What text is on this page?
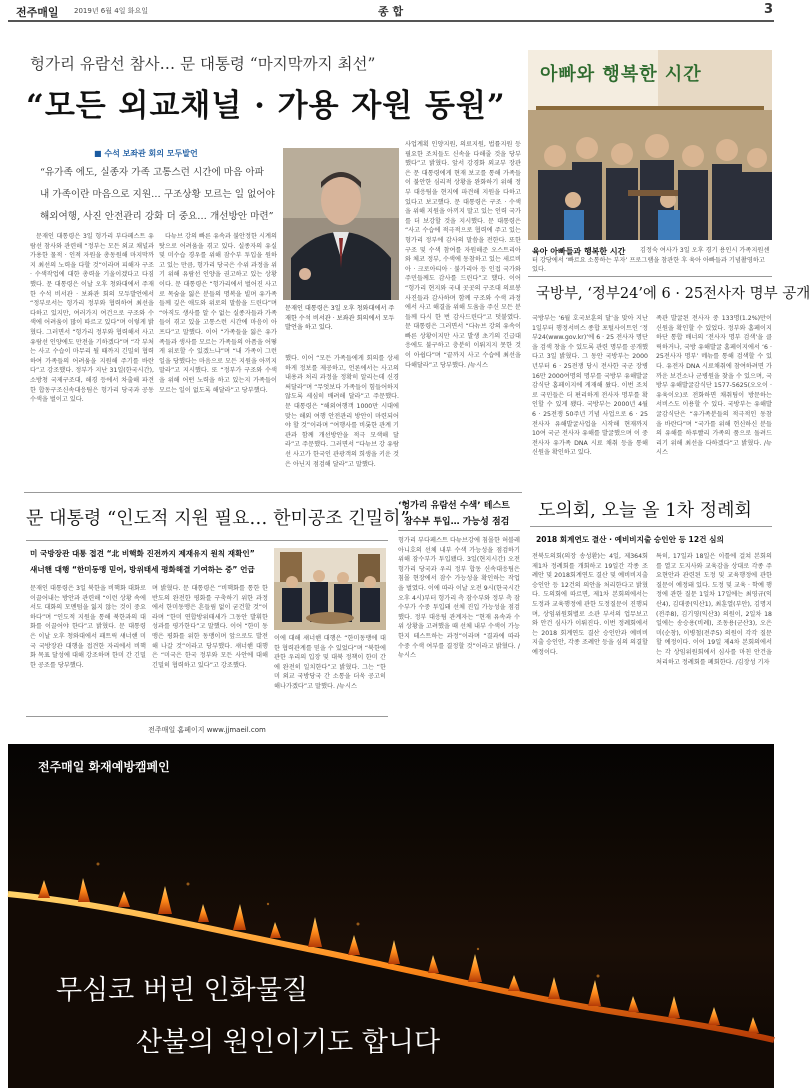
전주매일 2019년 6월 4일 화요일	종 합	3
헝가리 유람선 참사… 문 대통령 “마지막까지 최선”
“모든 외교채널 · 가용 자원 동원”
■ 수석 보좌관 회의 모두발언
“유가족 에도, 실종자 가족 고통스런 시간에 마음 아파
내 가족이란 마음으로 지원… 구조상황 모르는 일 없어야
해외여행, 사진 안전관리 강화 더 중요… 개선방안 마련”
문재인 대통령은 3일 오후 청와대에서 주재한 수석 비서관 · 보좌관 회의에서 모두발언을 하고 있다.
문재인 대통령은 3일 헝가리 부다페스트 유람선 참사와 관련해 “정부는 모든 외교 채널과 가용한 물적 · 인적 자원을 총동원해 마지막까지 최선의 노력을 다할 것”이라며 피해자 구조 · 수색작업에 대한 총력을 기울이겠다고 다짐했다. 문 대통령은 이날 오후 청와대에서 주재한 수석 비서관 · 보좌관 회의 모두발언에서 “정부로서는 헝가리 정부와 협력하여 최선을 다하고 있지만, 여러가지 여건으로 구조와 수색에 어려움이 많이 따르고 있다”며 이렇게 밝혔다. 그러면서 “헝가리 정부와 협력해서 사고 유람선 인양에도 만전을 기하겠다”며 “각 부처는 사고 수습이 마무리 될 때까지 긴밀히 협력하여 가족들의 어려움을 지원해 주기를 바란다”고 강조했다. 정부가 지난 31일(한국시간), 소방청 국제구조대, 해경 등에서 차출해 파견한 합동구조신속대응팀은 헝가리 당국과 공동수색을 벌이고 있다.
다뉴브 강의 빠른 유속과 불안정한 시계의 탓으로 어려움을 겪고 있다. 실종자의 유실 및 미수습 경우를 위해 잠수부 투입을 원하고 있는 만큼, 헝가리 당국은 수위 과정을 위기 위해 유람선 인양을 권고하고 있는 상황이다. 문 대통령은 “헝가리에서 벌어진 사고로 목숨을 잃은 분들의 명복을 빌며 유가족들께 깊은 애도와 위로의 말씀을 드린다”며 “아직도 생사를 알 수 없는 실종자들과 가족들이 겪고 있을 고통스런 시간에 마음이 아프다”고 말했다. 이어 “가족들을 잃은 유가족들과 생사를 모르는 가족들의 아픔을 어떻게 위로할 수 있겠느냐”며 “내 가족이 그런 일을 당했다는 마음으로 모든 지원을 아끼지 말라”고 지시했다. 또 “정부가 구조와 수색을 위해 어떤 노력을 하고 있는지 가족들이 모르는 일이 없도록 해달라”고 당부했다.
했다. 이어 “모든 가족들에게 회의를 상세하게 정보를 제공하고, 언론에서는 사고의 내용과 처리 과정을 정확히 알리는데 신경써달라”며 “무엇보다 가족들이 힘들어하지 않도록 세심히 배려해 달라”고 주문했다. 문 대통령은 “해외여행객 1000만 시대에 맞는 해외 여행 안전관리 방안이 마련되어야 할 것”이라며 “여행사를 비롯한 관계 기관과 함께 개선방안을 적극 모색해 달라”고 주문했다. 그러면서 “다뉴브 강 유람선 사고가 한국인 관광객의 희생을 키운 것은 아닌지 점검해 달라”고 말했다.
사업계획 인양지원, 의료지원, 법률지원 등 필요한 조치들도 신속을 다해줄 것을 당부했다”고 밝혔다. 앞서 강경화 외교부 장관은 문 대통령에게 현재 보고를 통해 가족들이 불안한 심리적 상황을 완화하기 위해 정부 대응팀을 현지에 파견해 지원을 다하고 있다고 보고했다. 문 대통령은 구조 · 수색을 위해 지원을 아끼지 말고 있는 인력 국가를 더 보강할 것을 지시했다. 문 대통령은 “사고 수습에 적극적으로 협력에 주고 있는 헝가리 정부에 감사의 말씀을 전한다. 또한 구조 및 수색 참여를 자원해준 오스트리아와 체코 정부, 수색에 동참하고 있는 세르비아 · 크로아티아 · 불가리아 등 인접 국가와 주민들께도 감사를 드린다”고 했다. 이어 “헝가리 현지와 국내 곳곳의 구조대 의료봉사진들과 감사하며 함께 구조와 수색 과정에서 사고 해결을 위해 도움을 주신 모든 분들께 다시 한 번 감사드린다”고 덧붙였다. 문 대통령은 그러면서 “다뉴브 강의 유속이 빠른 상황이지만 사고 발생 초기의 긴급대응에도 불구하고 충분히 이뤄지지 못한 것이 아쉽다”며 “끝까지 사고 수습에 최선을 다해달라”고 당부했다. /뉴시스
아빠와 행복한 시간
육아 아빠들과 행복한 시간	김정숙 여사가 3일 오후 경기 용인시 가족지원센터 강당에서 ‘빠르요 소통하는 부자’ 프로그램을 참관한 후 육아 아빠들과 기념촬영하고 있다.
국방부, ‘정부24’에 6 · 25전사자 명부 공개
국방부는 ‘6월 호국보훈의 달’을 맞아 지난 1일부터 행정서비스 종합 포털사이트인 ‘정부24(www.gov.kr)’에 6 · 25 전사자 명단을 검색 창을 수 있도록 관련 명부를 공개했다고 3일 밝혔다. 그 동안 국방부는 2000년부터 6 · 25전쟁 당시 전사한 국군 장병 16만 2000여명의 명부를 국방부 유해발굴감식단 홈페이지에 게재해 왔다. 이번 조치로 국민들은 더 편리하게 전사자 명부를 확인할 수 있게 됐다. 국방부는 2000년 4월 6 · 25전쟁 50주년 기념 사업으로 6 · 25전사자 유해발굴사업을 시작해 현재까지 10여 국군 전사자 유해를 발굴했으며 이 중 전사자 유가족 DNA 시료 채취 등을 통해 신원을 확인하고 있다.
족관 발굴된 전사자 중 133명(1.2%)만이 신원을 확인할 수 있었다. 정부와 홈페이지 하단 통합 배너의 ‘전사자 명부 검색’을 클릭하거나, 국방 유해발굴 홈페이지에서 ‘6 · 25전사자 명부’ 메뉴를 통해 검색할 수 있다. 유전자 DNA 시료채취에 참여하려면 가까운 보건소나 군병원을 찾을 수 있으며, 국방부 유해발굴감식단 1577-5625(오오이 · 유육이오)로 전화하면 채취팀이 방문하는 서비스도 이용할 수 있다. 국방부는 유해발굴감식단은 “유가족분들의 적극적인 동참을 바란다”며 “국가를 위해 헌신하신 분들의 유해를 하루빨리 가족의 품으로 돌려드리기 위해 최선을 다하겠다”고 밝혔다. /뉴시스
문 대통령 “인도적 지원 필요… 한미공조 긴밀히”
미 국방장관 대통 접견 “北 비핵화 진전까지 제재유지 원칙 재확인”
섀너핸 대행 “한미동맹 믿어, 방위태세 평화해결 기여하는 중” 언급
문재인 대통령은 3일 북한을 비핵화 대화로 이끌어내는 방안과 관련해 “이런 상황 속에서도 대화의 모멘텀을 잃지 않는 것이 중요하다”며 “인도적 지원을 통해 북한과의 대화를 이끌어야 한다”고 밝혔다. 문 대통령은 이날 오후 청와대에서 패트릭 섀너핸 미국 국방장관 대행을 접견한 자리에서 비핵화 목표 달성에 대해 강조하며 한미 간 긴밀한 공조를 당부했다.
며 밝혔다. 문 대통령은 “비핵화를 통한 한반도의 완전한 평화를 구축하기 위한 과정에서 한미동맹은 흔들림 없이 굳건할 것”이라며 “한미 연합방위태세가 그동안 발휘한 성과를 평가한다”고 말했다. 이어 “한미 동맹은 평화를 위한 동맹이며 앞으로도 발전해 나갈 것”이라고 당부했다. 섀너핸 대행은 “미국은 한국 정부와 모든 사안에 대해 긴밀히 협력하고 있다”고 강조했다.
이에 대해 섀너핸 대행은 “한미동맹에 대한 협력관계를 믿을 수 있었다”며 “북한에 관한 우리의 입장 및 대북 정책이 한미 간에 완전히 일치한다”고 밝혔다. 그는 “한미 외교 국방당국 간 소통을 더욱 공고히 해나가겠다”고 말했다. /뉴시스
전주매일 홈페이지 www.jjmaeil.com
‘헝가리 유람선 수색’ 테스트
잠수부 투입… 가능성 점검
헝가리 부다페스트 다뉴브강에 침몰한 허블레아니호의 선체 내부 수색 가능성을 점검하기 위해 잠수부가 투입됐다. 3일(현지시간) 오전 헝가리 당국과 우리 정부 합동 신속대응팀은 침몰 현장에서 잠수 가능성을 확인하는 작업을 벌였다. 이에 따라 이날 오전 9시(한국시간 오후 4시)부터 헝가리 측 잠수부와 정부 측 잠수부가 수중 투입돼 선체 진입 가능성을 점검했다. 정부 대응팀 관계자는 “현재 유속과 수위 상황을 고려했을 때 선체 내부 수색이 가능한지 테스트하는 과정”이라며 “결과에 따라 수중 수색 여부를 결정할 것”이라고 밝혔다. /뉴시스
도의회, 오늘 올 1차 정례회
2018 회계연도 결산 · 예비비지출 승인안 등 12건 심의
전북도의회(의장 송성환)는 4일, 제364회 제1차 정례회를 개회하고 19일간 각종 조례안 및 2018회계연도 결산 및 예비비지출 승인안 등 12건의 의안을 처리한다고 밝혔다. 도의회에 따르면, 제1차 본회의에서는 도정과 교육행정에 관한 도정질문이 진행되며, 상임위원회별로 소관 부서의 업무보고와 안건 심사가 이뤄진다. 이번 정례회에서는 2018 회계연도 결산 승인안과 예비비 지출 승인안, 각종 조례안 등을 심의 의결할 예정이다.
특히, 17일과 18일은 이틀에 걸쳐 본회의를 열고 도지사와 교육감을 상대로 각종 주요현안과 관련된 도정 및 교육행정에 관한 질문이 예정돼 있다. 도정 및 교육 · 학예 행정에 관한 질문 1일차 17일에는 최영규(익산4), 김대중(익산1), 최훈열(부안), 김명지(전주8), 김기영(익산3) 의원이, 2일차 18일에는 송승용(비례), 조동용(군산3), 오은미(순창), 이병철(전주5) 의원이 각각 질문할 예정이다. 이어 19일 제4차 본회의에서는 각 상임위원회에서 심사를 마친 안건을 처리하고 정례회를 폐회한다. /김장성 기자
전주매일 화재예방캠페인
무심코 버린 인화물질
산불의 원인이기도 합니다
